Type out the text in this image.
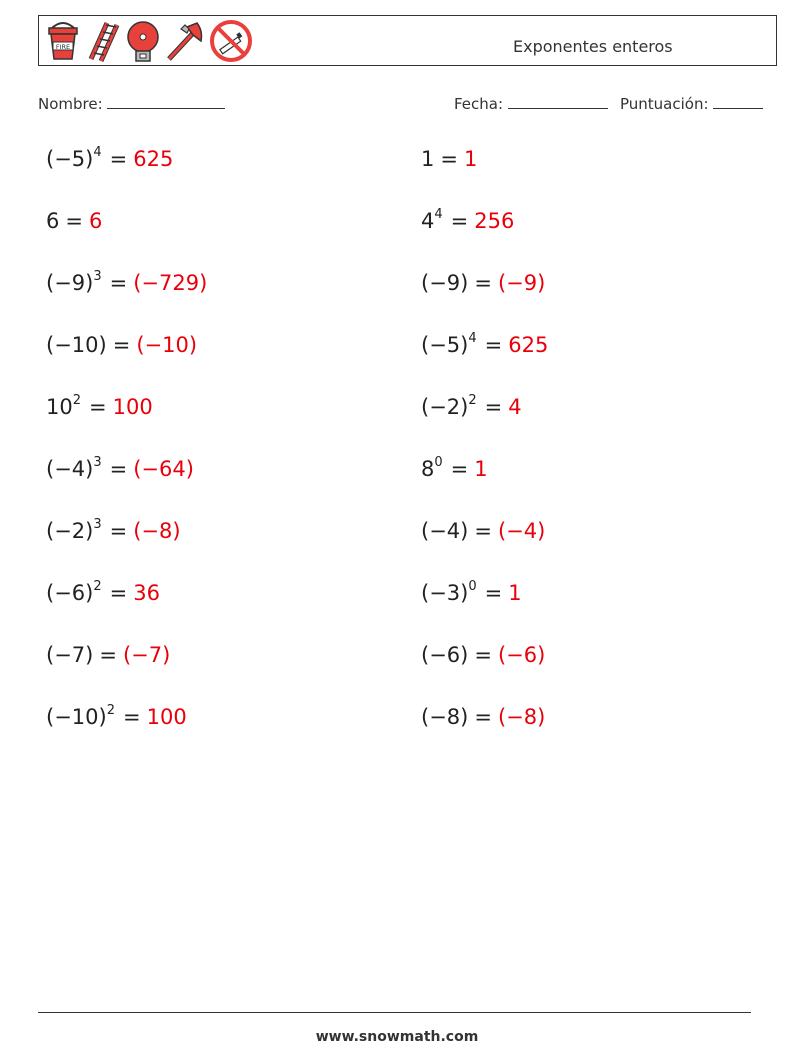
FIRE	Exponentes enteros
Nombre:	Fecha:	Puntuación:
$(-5)^4 = 625$	1 = 1
6 = 6	$4^4 = 256$
$(-9)^3 = (-729)$	(−9) = (−9)
(−10) = (−10)	$(-5)^4 = 625$
$10^2 = 100$	$(-2)^2 = 4$
$(-4)^3 = (-64)$	$8^0 = 1$
$(-2)^3 = (-8)$	(−4) = (−4)
$(-6)^2 = 36$	$(-3)^0 = 1$
(−7) = (−7)	(−6) = (−6)
$(-10)^2 = 100$	(−8) = (−8)
www.snowmath.com
